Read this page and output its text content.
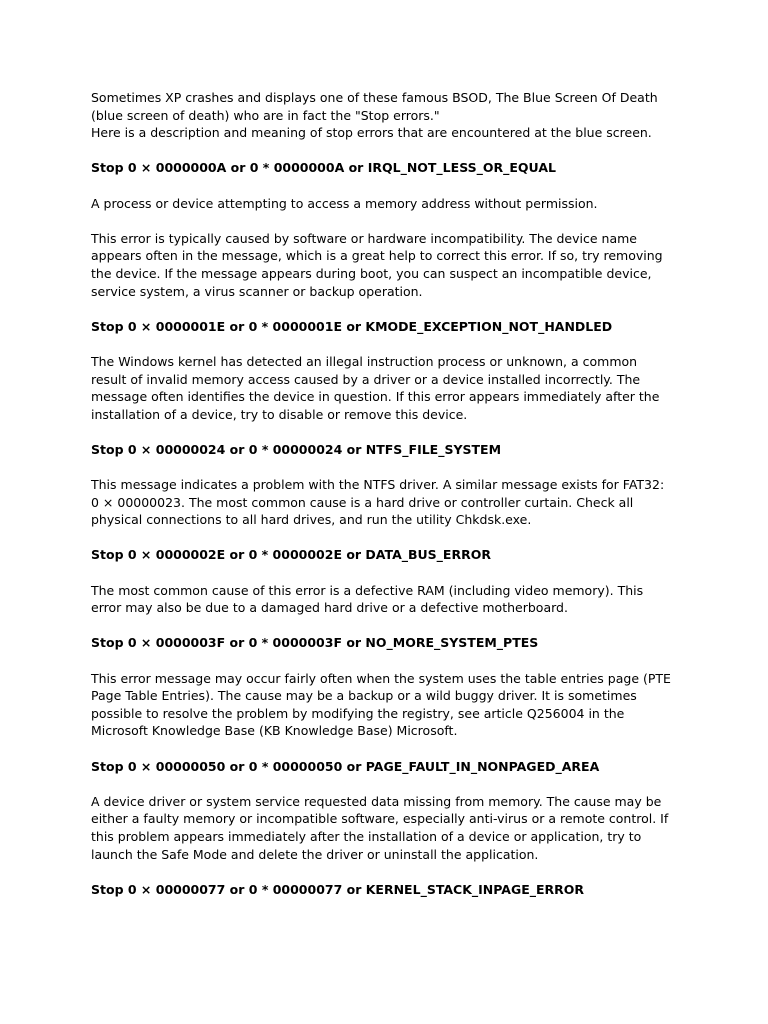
Sometimes XP crashes and displays one of these famous BSOD, The Blue Screen Of Death
(blue screen of death) who are in fact the "Stop errors."
Here is a description and meaning of stop errors that are encountered at the blue screen.
Stop 0 × 0000000A or 0 * 0000000A or IRQL_NOT_LESS_OR_EQUAL
A process or device attempting to access a memory address without permission.
This error is typically caused by software or hardware incompatibility. The device name
appears often in the message, which is a great help to correct this error. If so, try removing
the device. If the message appears during boot, you can suspect an incompatible device,
service system, a virus scanner or backup operation.
Stop 0 × 0000001E or 0 * 0000001E or KMODE_EXCEPTION_NOT_HANDLED
The Windows kernel has detected an illegal instruction process or unknown, a common
result of invalid memory access caused by a driver or a device installed incorrectly. The
message often identifies the device in question. If this error appears immediately after the
installation of a device, try to disable or remove this device.
Stop 0 × 00000024 or 0 * 00000024 or NTFS_FILE_SYSTEM
This message indicates a problem with the NTFS driver. A similar message exists for FAT32:
0 × 00000023. The most common cause is a hard drive or controller curtain. Check all
physical connections to all hard drives, and run the utility Chkdsk.exe.
Stop 0 × 0000002E or 0 * 0000002E or DATA_BUS_ERROR
The most common cause of this error is a defective RAM (including video memory). This
error may also be due to a damaged hard drive or a defective motherboard.
Stop 0 × 0000003F or 0 * 0000003F or NO_MORE_SYSTEM_PTES
This error message may occur fairly often when the system uses the table entries page (PTE
Page Table Entries). The cause may be a backup or a wild buggy driver. It is sometimes
possible to resolve the problem by modifying the registry, see article Q256004 in the
Microsoft Knowledge Base (KB Knowledge Base) Microsoft.
Stop 0 × 00000050 or 0 * 00000050 or PAGE_FAULT_IN_NONPAGED_AREA
A device driver or system service requested data missing from memory. The cause may be
either a faulty memory or incompatible software, especially anti-virus or a remote control. If
this problem appears immediately after the installation of a device or application, try to
launch the Safe Mode and delete the driver or uninstall the application.
Stop 0 × 00000077 or 0 * 00000077 or KERNEL_STACK_INPAGE_ERROR
